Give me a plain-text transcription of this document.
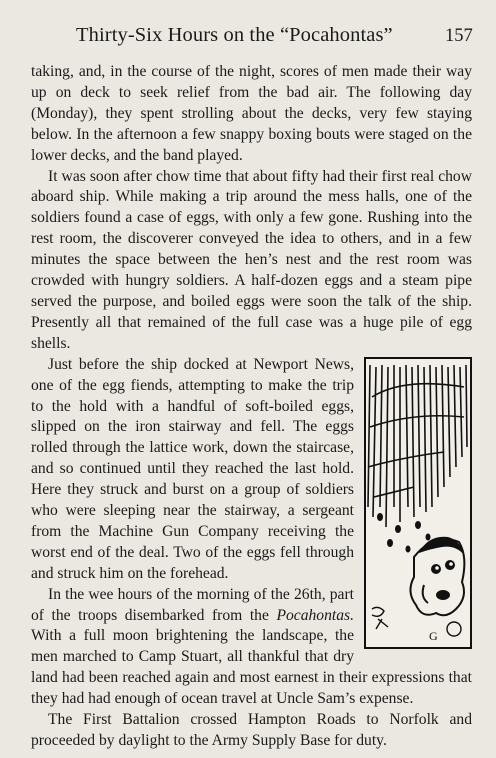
Thirty-Six Hours on the “Pocahontas”	157

taking, and, in the course of the night, scores of men made their way up on deck to seek relief from the bad air. The following day (Monday), they spent strolling about the decks, very few staying below. In the afternoon a few snappy boxing bouts were staged on the lower decks, and the band played.

It was soon after chow time that about fifty had their first real chow aboard ship. While making a trip around the mess halls, one of the soldiers found a case of eggs, with only a few gone. Rushing into the rest room, the discoverer conveyed the idea to others, and in a few minutes the space between the hen’s nest and the rest room was crowded with hungry soldiers. A half-dozen eggs and a steam pipe served the purpose, and boiled eggs were soon the talk of the ship. Presently all that remained of the full case was a huge pile of egg shells.

G
Just before the ship docked at Newport News, one of the egg fiends, attempting to make the trip to the hold with a handful of soft-boiled eggs, slipped on the iron stairway and fell. The eggs rolled through the lattice work, down the staircase, and so continued until they reached the last hold. Here they struck and burst on a group of soldiers who were sleeping near the stairway, a sergeant from the Machine Gun Company receiving the worst end of the deal. Two of the eggs fell through and struck him on the forehead.

In the wee hours of the morning of the 26th, part of the troops disembarked from the Pocahontas. With a full moon brightening the landscape, the men marched to Camp Stuart, all thankful that dry land had been reached again and most earnest in their expressions that they had had enough of ocean travel at Uncle Sam’s expense.

The First Battalion crossed Hampton Roads to Norfolk and proceeded by daylight to the Army Supply Base for duty.
